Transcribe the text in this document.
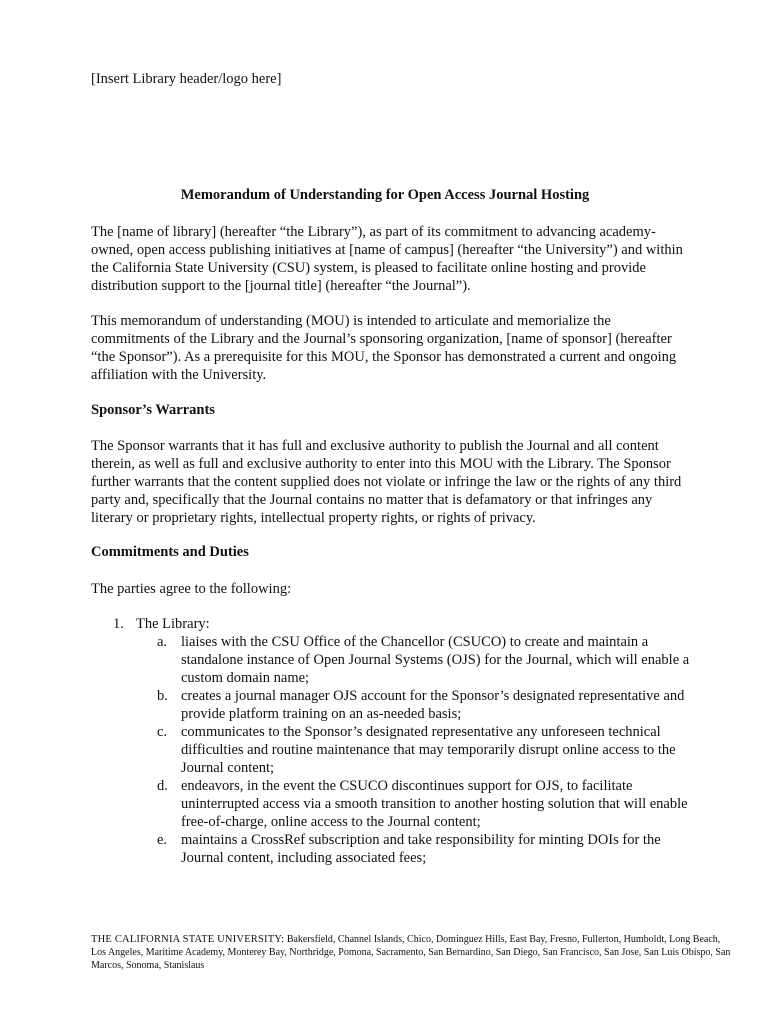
[Insert Library header/logo here]
Memorandum of Understanding for Open Access Journal Hosting

The [name of library] (hereafter “the Library”), as part of its commitment to advancing academy-owned, open access publishing initiatives at [name of campus] (hereafter “the University”) and within the California State University (CSU) system, is pleased to facilitate online hosting and provide distribution support to the [journal title] (hereafter “the Journal”).

This memorandum of understanding (MOU) is intended to articulate and memorialize the commitments of the Library and the Journal’s sponsoring organization, [name of sponsor] (hereafter “the Sponsor”). As a prerequisite for this MOU, the Sponsor has demonstrated a current and ongoing affiliation with the University.

Sponsor’s Warrants

The Sponsor warrants that it has full and exclusive authority to publish the Journal and all content therein, as well as full and exclusive authority to enter into this MOU with the Library. The Sponsor further warrants that the content supplied does not violate or infringe the law or the rights of any third party and, specifically that the Journal contains no matter that is defamatory or that infringes any literary or proprietary rights, intellectual property rights, or rights of privacy.

Commitments and Duties

The parties agree to the following:

1. The Library:
a. liaises with the CSU Office of the Chancellor (CSUCO) to create and maintain a standalone instance of Open Journal Systems (OJS) for the Journal, which will enable a custom domain name;
b. creates a journal manager OJS account for the Sponsor’s designated representative and provide platform training on an as-needed basis;
c. communicates to the Sponsor’s designated representative any unforeseen technical difficulties and routine maintenance that may temporarily disrupt online access to the Journal content;
d. endeavors, in the event the CSUCO discontinues support for OJS, to facilitate uninterrupted access via a smooth transition to another hosting solution that will enable free-of-charge, online access to the Journal content;
e. maintains a CrossRef subscription and take responsibility for minting DOIs for the Journal content, including associated fees;
THE CALIFORNIA STATE UNIVERSITY: Bakersfield, Channel Islands, Chico, Dominguez Hills, East Bay, Fresno, Fullerton, Humboldt, Long Beach, Los Angeles, Maritime Academy, Monterey Bay, Northridge, Pomona, Sacramento, San Bernardino, San Diego, San Francisco, San Jose, San Luis Obispo, San Marcos, Sonoma, Stanislaus
